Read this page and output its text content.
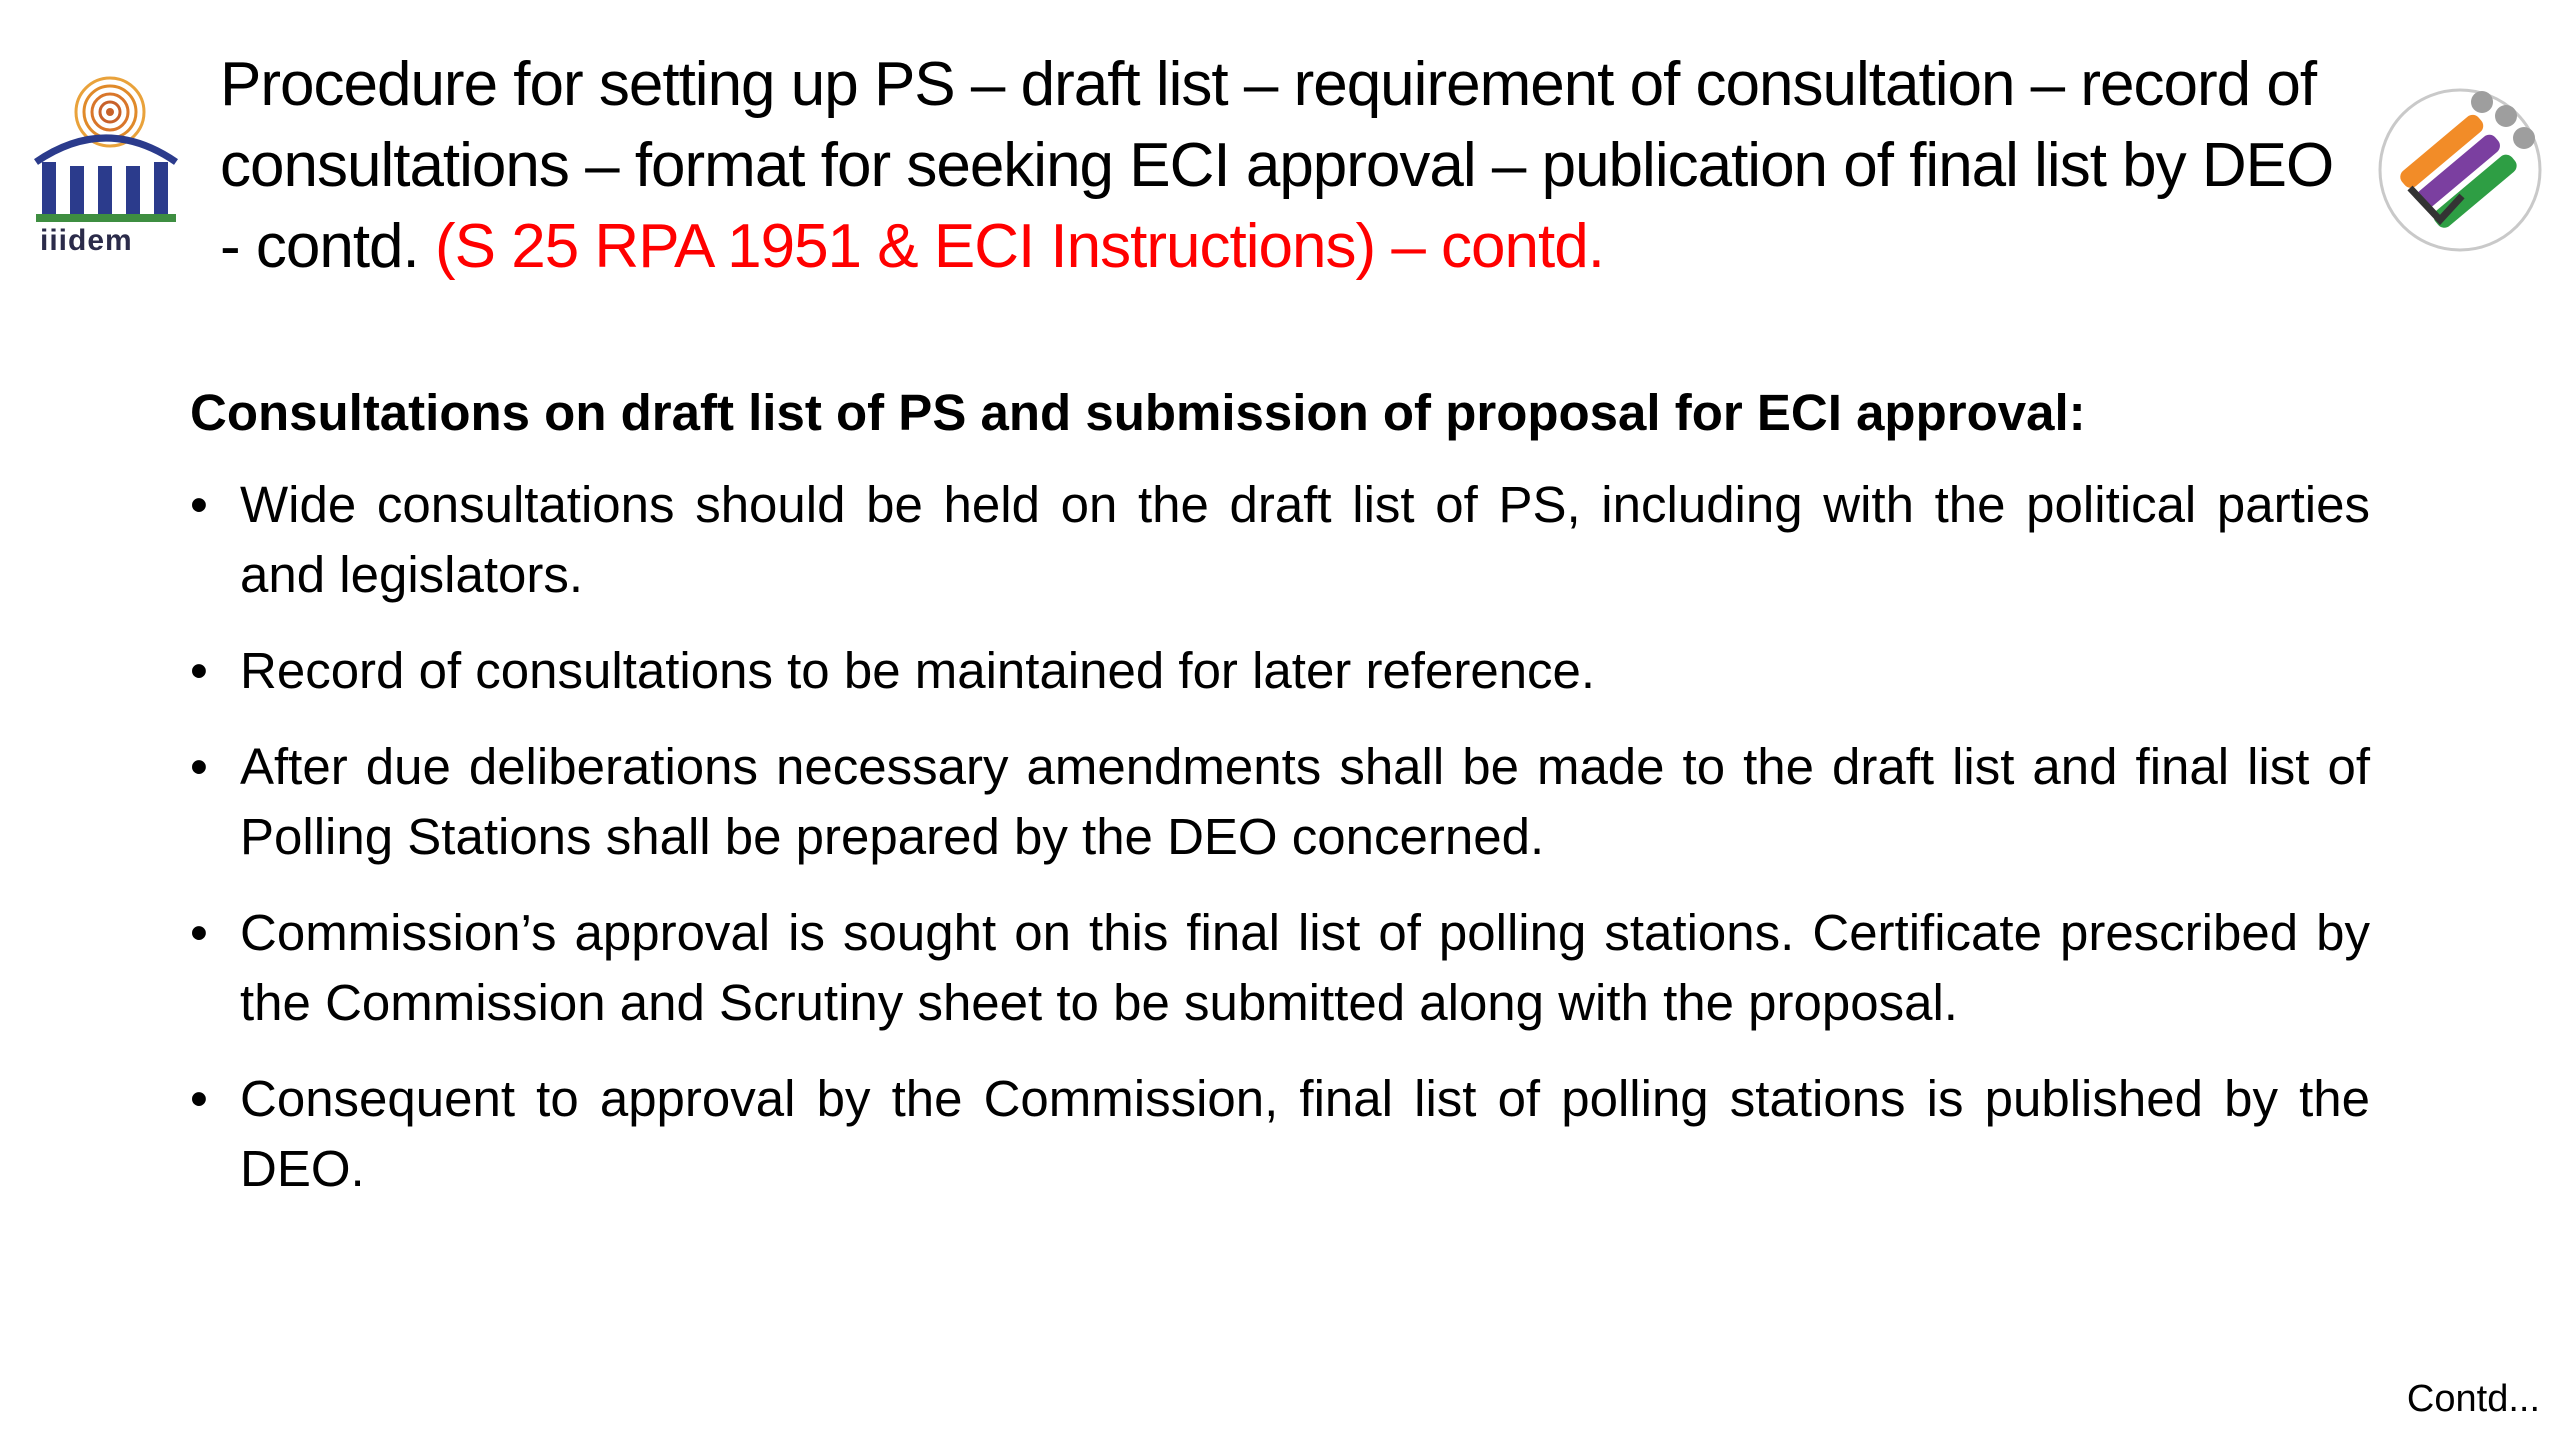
iiidem
Procedure for setting up PS – draft list – requirement of consultation – record of consultations – format for seeking ECI approval – publication of final list by DEO - contd. (S 25 RPA 1951 & ECI Instructions) – contd.
Consultations on draft list of PS and submission of proposal for ECI approval:
• Wide consultations should be held on the draft list of PS, including with the political parties and legislators.
• Record of consultations to be maintained for later reference.
• After due deliberations necessary amendments shall be made to the draft list and final list of Polling Stations shall be prepared by the DEO concerned.
• Commission’s approval is sought on this final list of polling stations. Certificate prescribed by the Commission and Scrutiny sheet to be submitted along with the proposal.
• Consequent to approval by the Commission, final list of polling stations is published by the DEO.
Contd...
